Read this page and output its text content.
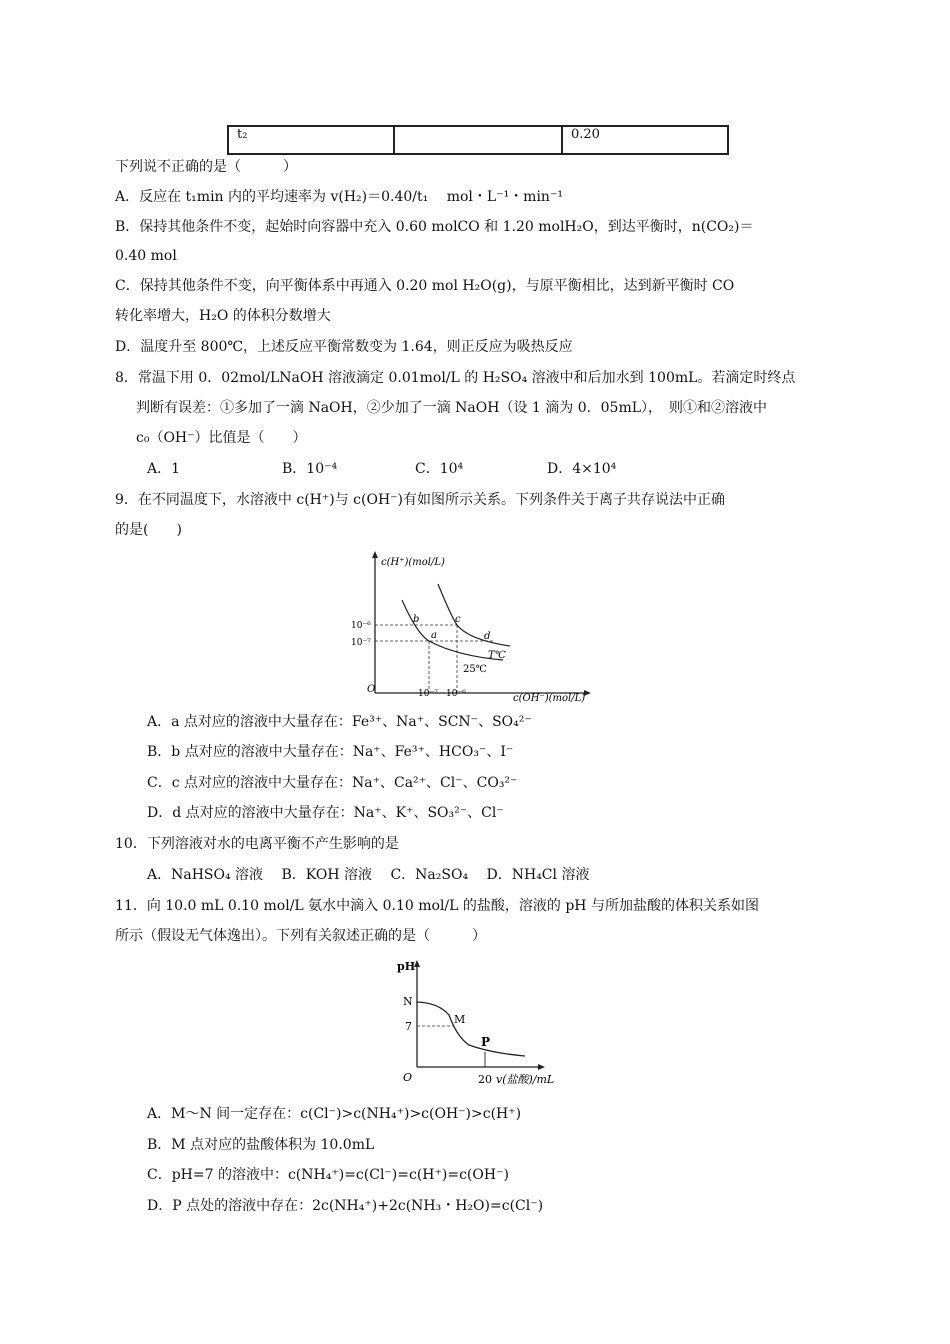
t₂		0.20
下列说不正确的是（　　　）
A．反应在 t₁min 内的平均速率为 v(H₂)＝0.40/t₁　 mol・L⁻¹・min⁻¹
B．保持其他条件不变，起始时向容器中充入 0.60 molCO 和 1.20 molH₂O，到达平衡时，n(CO₂)＝
0.40 mol
C．保持其他条件不变，向平衡体系中再通入 0.20 mol H₂O(g)，与原平衡相比，达到新平衡时 CO
转化率增大，H₂O 的体积分数增大
D．温度升至 800℃，上述反应平衡常数变为 1.64，则正反应为吸热反应
8．常温下用 0．02mol/LNaOH 溶液滴定 0.01mol/L 的 H₂SO₄ 溶液中和后加水到 100mL。若滴定时终点
判断有误差：①多加了一滴 NaOH，②少加了一滴 NaOH（设 1 滴为 0．05mL），　则①和②溶液中
c₀（OH⁻）比值是（　　）
A．1	B．10⁻⁴	C．10⁴	D．4×10⁴
9．在不同温度下，水溶液中 c(H⁺)与 c(OH⁻)有如图所示关系。下列条件关于离子共存说法中正确
的是(　　)
c(H⁺)(mol/L)
c(OH⁻)(mol/L)
10⁻⁶
10⁻⁷
10⁻⁷ 10⁻⁶
O
a
b	c
d
T℃
25℃
A．a 点对应的溶液中大量存在：Fe³⁺、Na⁺、SCN⁻、SO₄²⁻
B．b 点对应的溶液中大量存在：Na⁺、Fe³⁺、HCO₃⁻、I⁻
C．c 点对应的溶液中大量存在：Na⁺、Ca²⁺、Cl⁻、CO₃²⁻
D．d 点对应的溶液中大量存在：Na⁺、K⁺、SO₃²⁻、Cl⁻
10．下列溶液对水的电离平衡不产生影响的是
A．NaHSO₄ 溶液　 B．KOH 溶液　 C．Na₂SO₄　 D．NH₄Cl 溶液
11．向 10.0 mL 0.10 mol/L 氨水中滴入 0.10 mol/L 的盐酸，溶液的 pH 与所加盐酸的体积关系如图
所示（假设无气体逸出）。下列有关叙述正确的是（　　　）
pH
N
7
M
P
O	20 v(盐酸)/mL
A．M～N 间一定存在：c(Cl⁻)>c(NH₄⁺)>c(OH⁻)>c(H⁺)
B．M 点对应的盐酸体积为 10.0mL
C．pH=7 的溶液中：c(NH₄⁺)=c(Cl⁻)=c(H⁺)=c(OH⁻)
D．P 点处的溶液中存在：2c(NH₄⁺)+2c(NH₃・H₂O)=c(Cl⁻)
